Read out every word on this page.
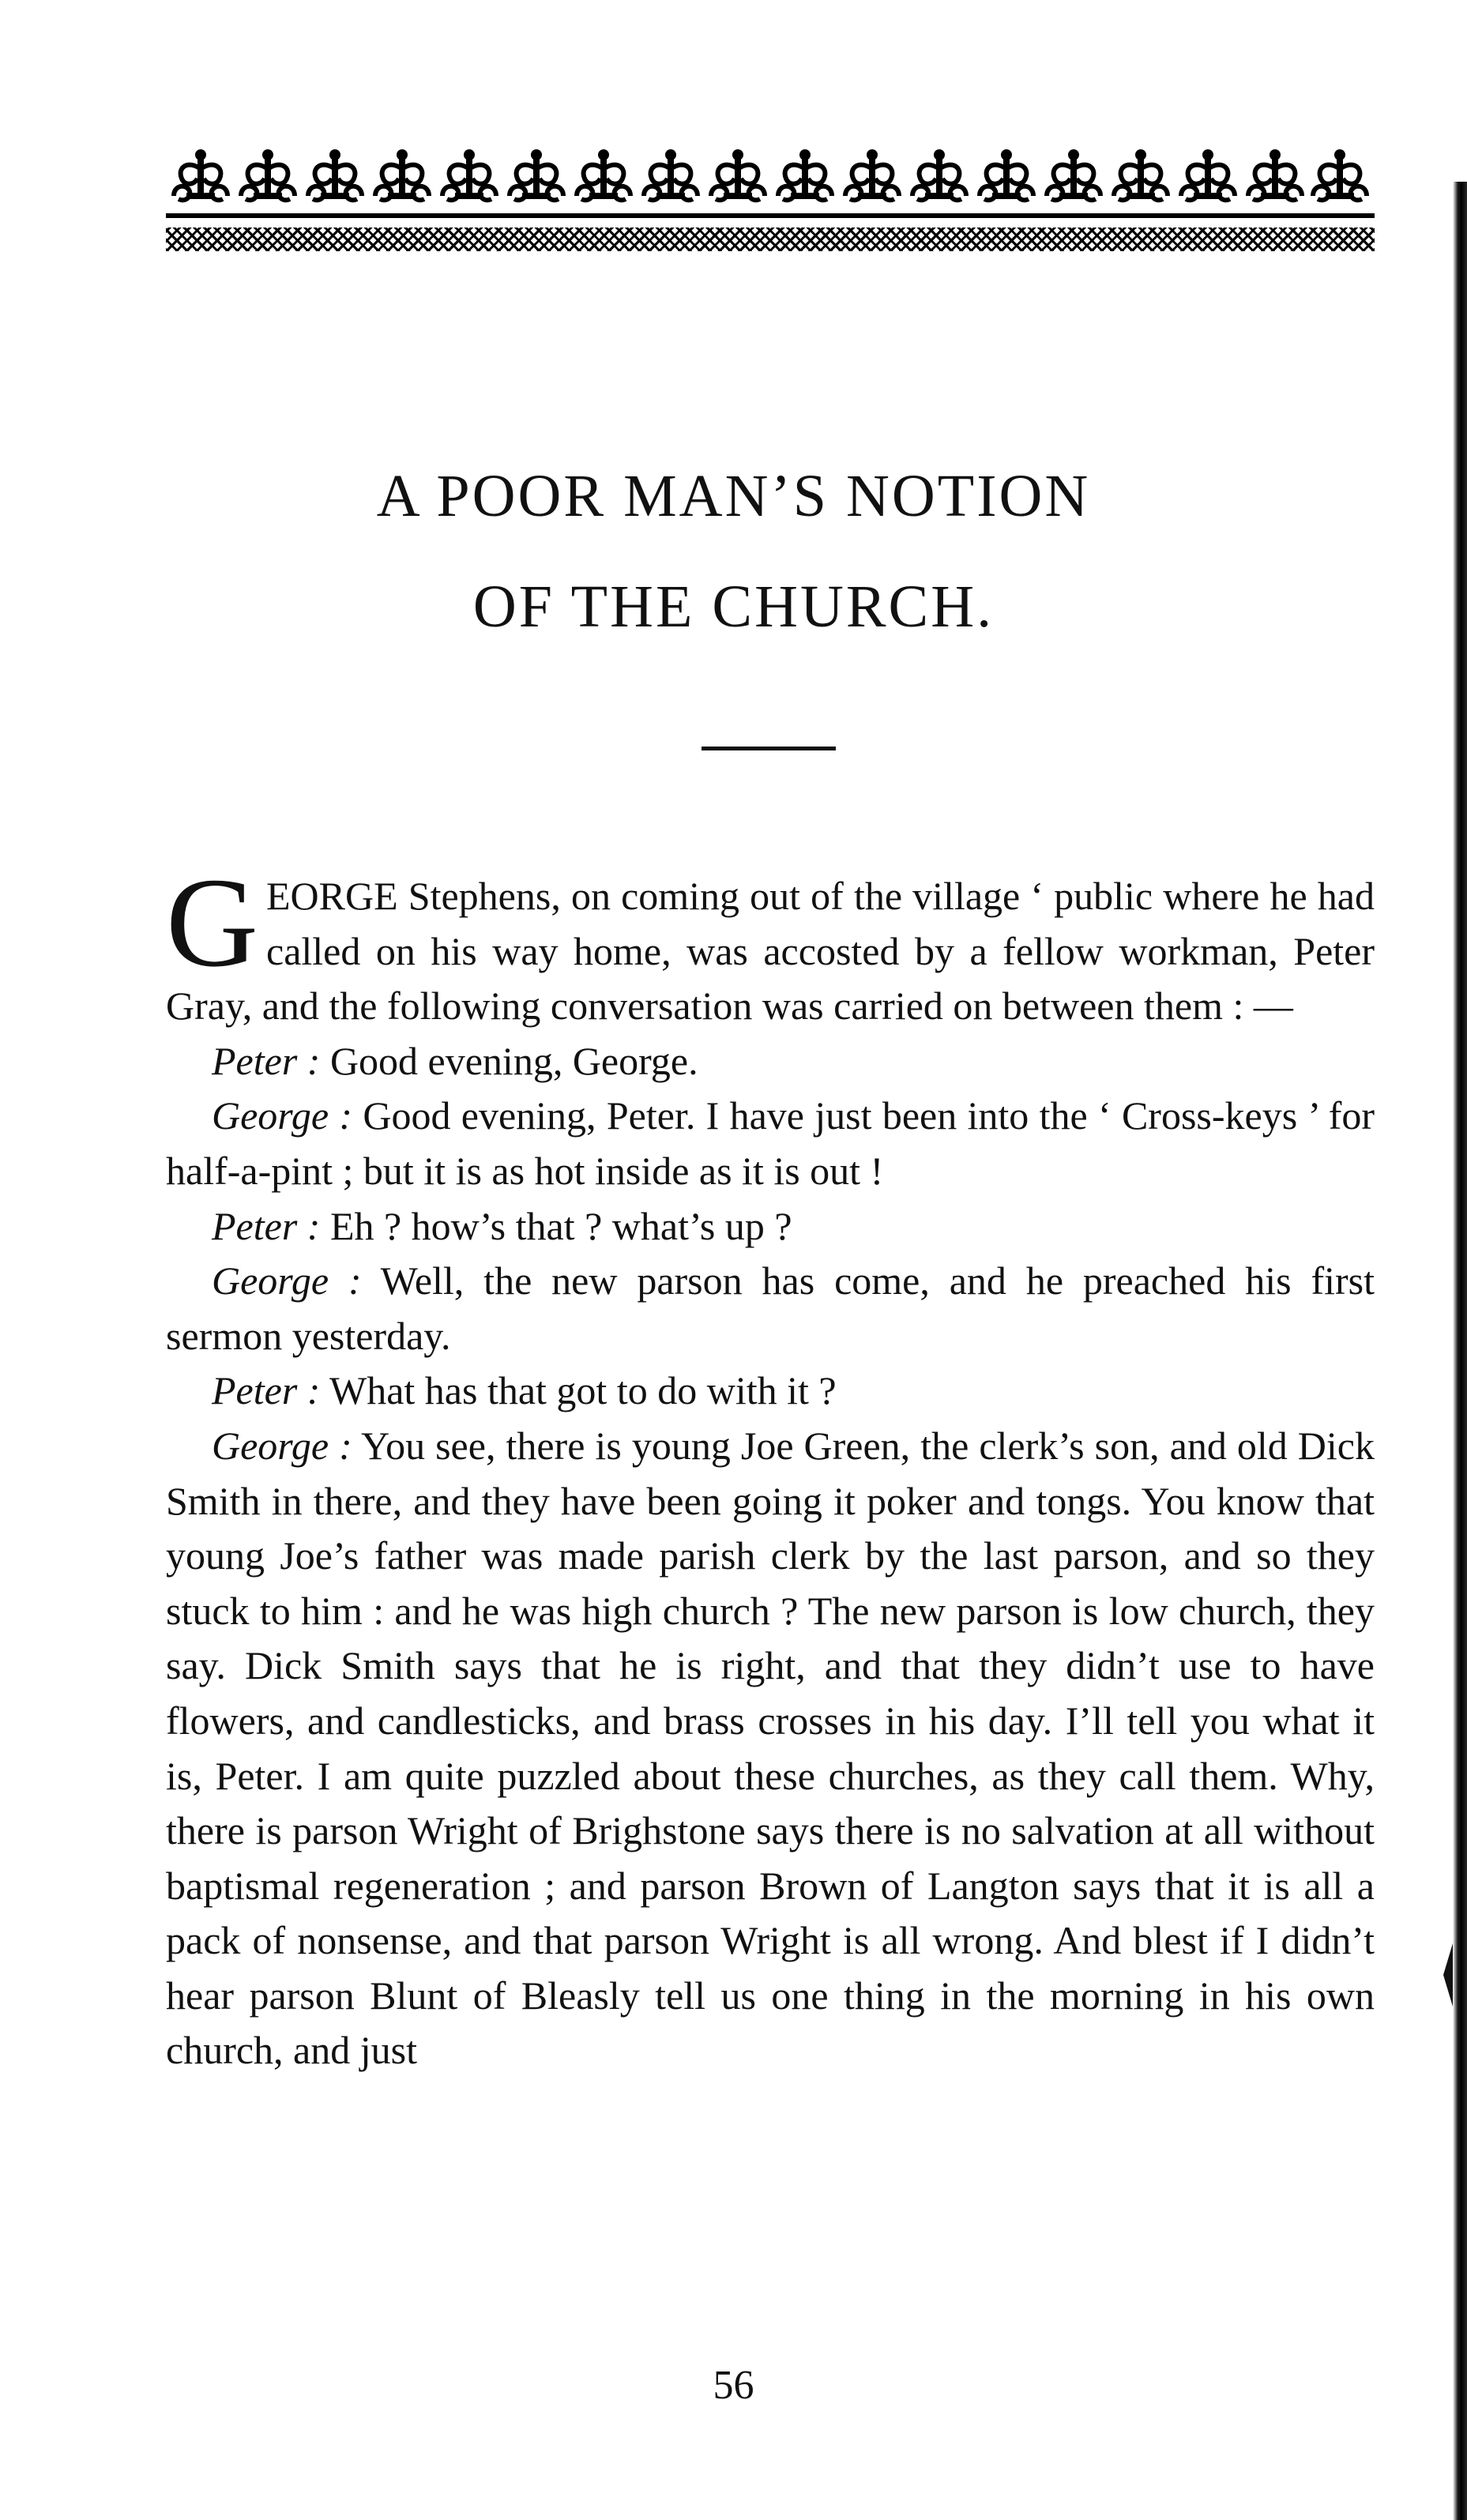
A POOR MAN’S NOTION
OF THE CHURCH.

GEORGE Stephens, on coming out of the village ‘ public where he had called on his way home, was accosted by a fellow workman, Peter Gray, and the following conversation was carried on between them : —

Peter : Good evening, George.

George : Good evening, Peter. I have just been into the ‘ Cross-keys ’ for half-a-pint ; but it is as hot inside as it is out !

Peter : Eh ? how’s that ? what’s up ?

George : Well, the new parson has come, and he preached his first sermon yesterday.

Peter : What has that got to do with it ?

George : You see, there is young Joe Green, the clerk’s son, and old Dick Smith in there, and they have been going it poker and tongs. You know that young Joe’s father was made parish clerk by the last parson, and so they stuck to him : and he was high church ? The new parson is low church, they say. Dick Smith says that he is right, and that they didn’t use to have flowers, and candlesticks, and brass crosses in his day. I’ll tell you what it is, Peter. I am quite puzzled about these churches, as they call them. Why, there is parson Wright of Brighstone says there is no salvation at all without baptismal regeneration ; and parson Brown of Langton says that it is all a pack of nonsense, and that parson Wright is all wrong. And blest if I didn’t hear parson Blunt of Bleasly tell us one thing in the morning in his own church, and just

56
